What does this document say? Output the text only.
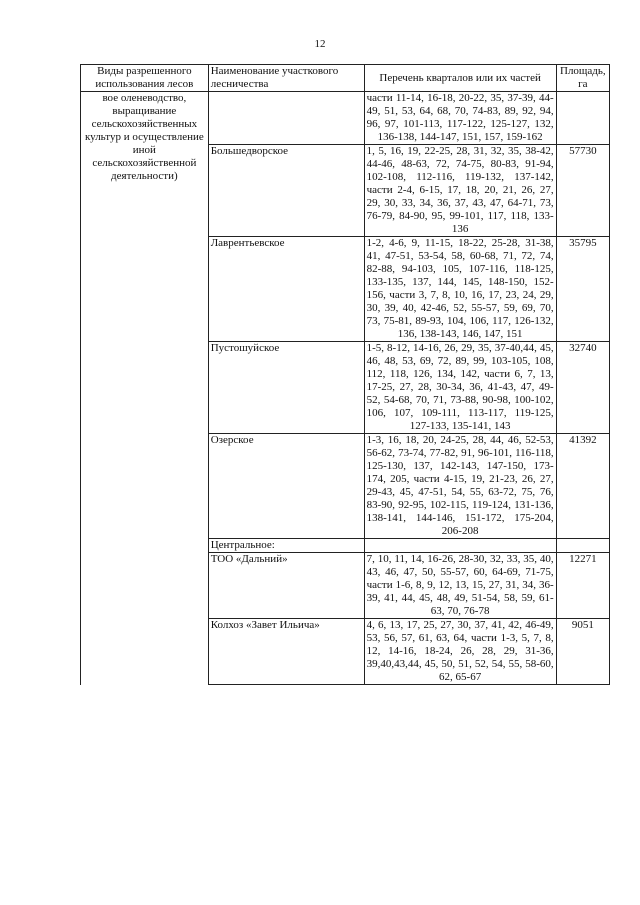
12
Виды разрешенного использования лесов	Наименование участкового лесничества	Перечень кварталов или их частей	Площадь, га
вое оленеводство, выращивание сельскохозяйственных культур и осуществление иной сельскохозяйственной деятельности)		части 11-14, 16-18, 20-22, 35, 37-39, 44-49, 51, 53, 64, 68, 70, 74-83, 89, 92, 94, 96, 97, 101-113, 117-122, 125-127, 132, 136-138, 144-147, 151, 157, 159-162	
	Большедворское	1, 5, 16, 19, 22-25, 28, 31, 32, 35, 38-42, 44-46, 48-63, 72, 74-75, 80-83, 91-94, 102-108, 112-116, 119-132, 137-142, части 2-4, 6-15, 17, 18, 20, 21, 26, 27, 29, 30, 33, 34, 36, 37, 43, 47, 64-71, 73, 76-79, 84-90, 95, 99-101, 117, 118, 133-136	57730
	Лаврентьевское	1-2, 4-6, 9, 11-15, 18-22, 25-28, 31-38, 41, 47-51, 53-54, 58, 60-68, 71, 72, 74, 82-88, 94-103, 105, 107-116, 118-125, 133-135, 137, 144, 145, 148-150, 152-156, части 3, 7, 8, 10, 16, 17, 23, 24, 29, 30, 39, 40, 42-46, 52, 55-57, 59, 69, 70, 73, 75-81, 89-93, 104, 106, 117, 126-132, 136, 138-143, 146, 147, 151	35795
	Пустошуйское	1-5, 8-12, 14-16, 26, 29, 35, 37-40,44, 45, 46, 48, 53, 69, 72, 89, 99, 103-105, 108, 112, 118, 126, 134, 142, части 6, 7, 13, 17-25, 27, 28, 30-34, 36, 41-43, 47, 49-52, 54-68, 70, 71, 73-88, 90-98, 100-102, 106, 107, 109-111, 113-117, 119-125, 127-133, 135-141, 143	32740
	Озерское	1-3, 16, 18, 20, 24-25, 28, 44, 46, 52-53, 56-62, 73-74, 77-82, 91, 96-101, 116-118, 125-130, 137, 142-143, 147-150, 173-174, 205, части 4-15, 19, 21-23, 26, 27, 29-43, 45, 47-51, 54, 55, 63-72, 75, 76, 83-90, 92-95, 102-115, 119-124, 131-136, 138-141, 144-146, 151-172, 175-204, 206-208	41392
	Центральное:		
	ТОО «Дальний»	7, 10, 11, 14, 16-26, 28-30, 32, 33, 35, 40, 43, 46, 47, 50, 55-57, 60, 64-69, 71-75, части 1-6, 8, 9, 12, 13, 15, 27, 31, 34, 36-39, 41, 44, 45, 48, 49, 51-54, 58, 59, 61-63, 70, 76-78	12271
	Колхоз «Завет Ильича»	4, 6, 13, 17, 25, 27, 30, 37, 41, 42, 46-49, 53, 56, 57, 61, 63, 64, части 1-3, 5, 7, 8, 12, 14-16, 18-24, 26, 28, 29, 31-36, 39,40,43,44, 45, 50, 51, 52, 54, 55, 58-60, 62, 65-67	9051
